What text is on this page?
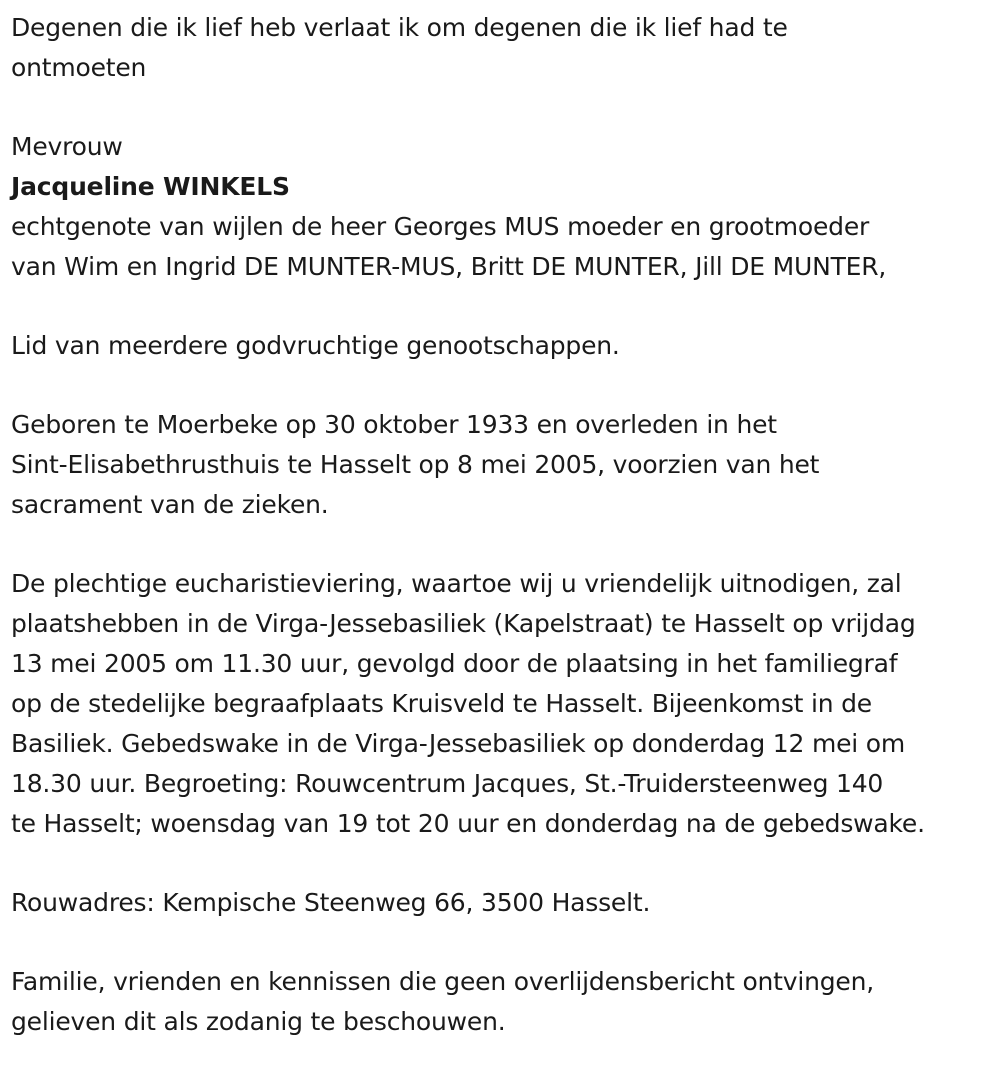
Degenen die ik lief heb verlaat ik om degenen die ik lief had te
ontmoeten

Mevrouw

Jacqueline WINKELS

echtgenote van wijlen de heer Georges MUS moeder en grootmoeder
van Wim en Ingrid DE MUNTER-MUS, Britt DE MUNTER, Jill DE MUNTER,

Lid van meerdere godvruchtige genootschappen.

Geboren te Moerbeke op 30 oktober 1933 en overleden in het
Sint-Elisabethrusthuis te Hasselt op 8 mei 2005, voorzien van het
sacrament van de zieken.

De plechtige eucharistieviering, waartoe wij u vriendelijk uitnodigen, zal
plaatshebben in de Virga-Jessebasiliek (Kapelstraat) te Hasselt op vrijdag
13 mei 2005 om 11.30 uur, gevolgd door de plaatsing in het familiegraf
op de stedelijke begraafplaats Kruisveld te Hasselt. Bijeenkomst in de
Basiliek. Gebedswake in de Virga-Jessebasiliek op donderdag 12 mei om
18.30 uur. Begroeting: Rouwcentrum Jacques, St.-Truidersteenweg 140
te Hasselt; woensdag van 19 tot 20 uur en donderdag na de gebedswake.

Rouwadres: Kempische Steenweg 66, 3500 Hasselt.

Familie, vrienden en kennissen die geen overlijdensbericht ontvingen,
gelieven dit als zodanig te beschouwen.
